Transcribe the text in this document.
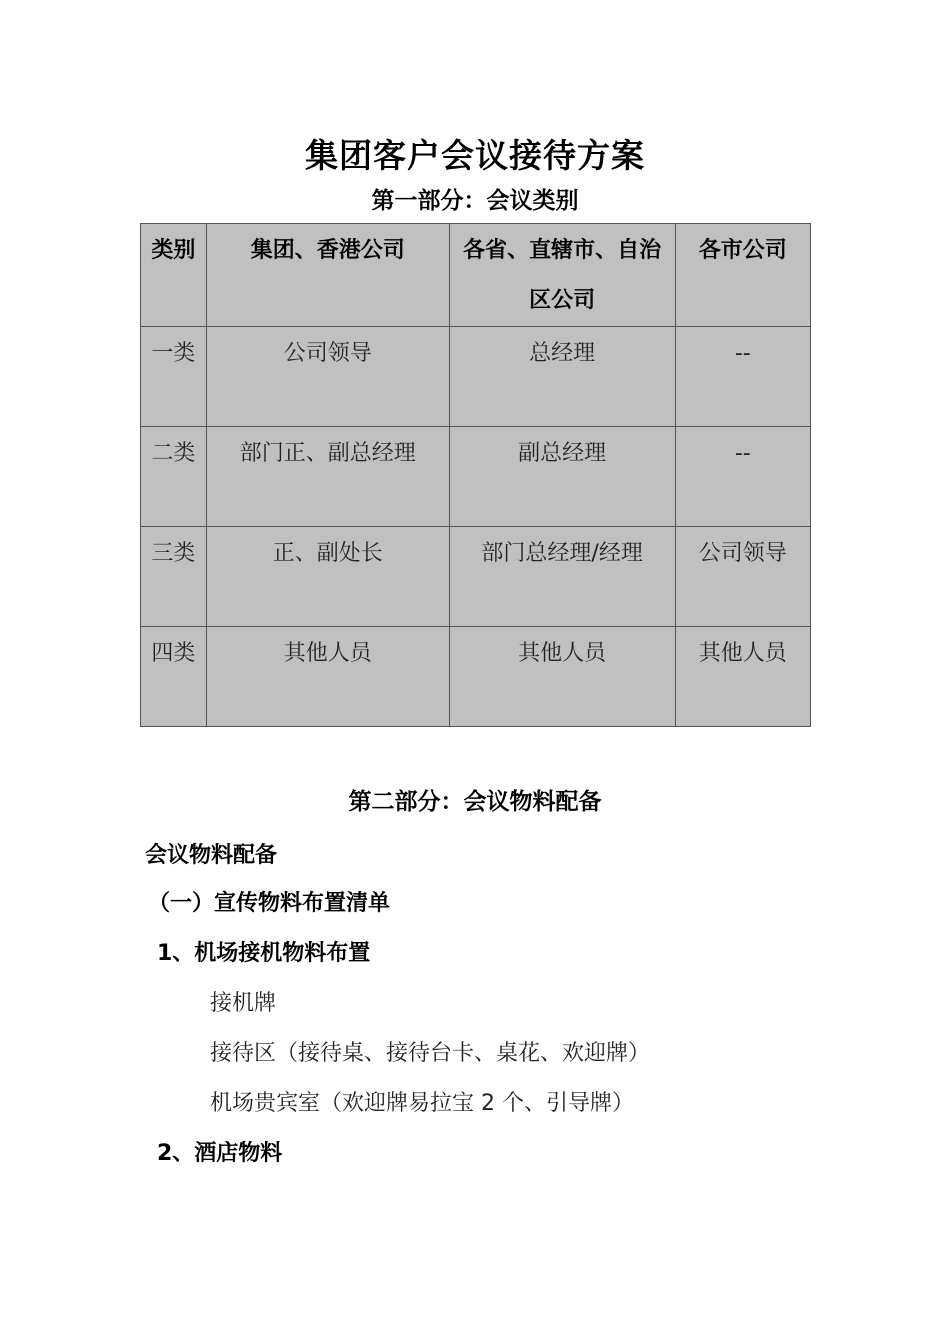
集团客户会议接待方案
第一部分：会议类别
类别	集团、香港公司	各省、直辖市、自治区公司	各市公司

一类	公司领导	总经理	--

二类	部门正、副总经理	副总经理	--

三类	正、副处长	部门总经理/经理	公司领导

四类	其他人员	其他人员	其他人员
第二部分：会议物料配备
会议物料配备
（一）宣传物料布置清单
1、机场接机物料布置
接机牌
接待区（接待桌、接待台卡、桌花、欢迎牌）
机场贵宾室（欢迎牌易拉宝 2 个、引导牌）
2、酒店物料
